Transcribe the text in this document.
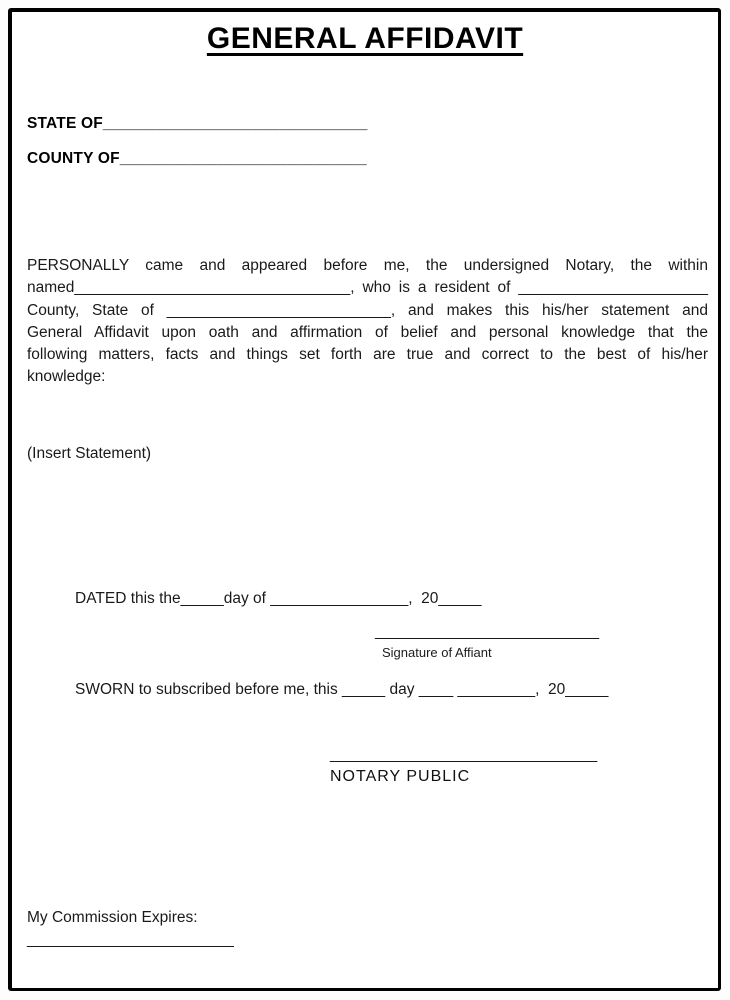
GENERAL AFFIDAVIT
STATE OF______________________________
COUNTY OF____________________________
PERSONALLY came and appeared before me, the undersigned Notary, the within
named________________________________, who is a resident of ______________________
County, State of __________________________, and makes this his/her statement and
General Affidavit upon oath and affirmation of belief and personal knowledge that the
following matters, facts and things set forth are true and correct to the best of his/her
knowledge:
(Insert Statement)
DATED this the_____day of ________________,  20_____
__________________________
Signature of Affiant
SWORN to subscribed before me, this _____ day ____ _________,  20_____
_______________________________
NOTARY PUBLIC
My Commission Expires:
________________________
